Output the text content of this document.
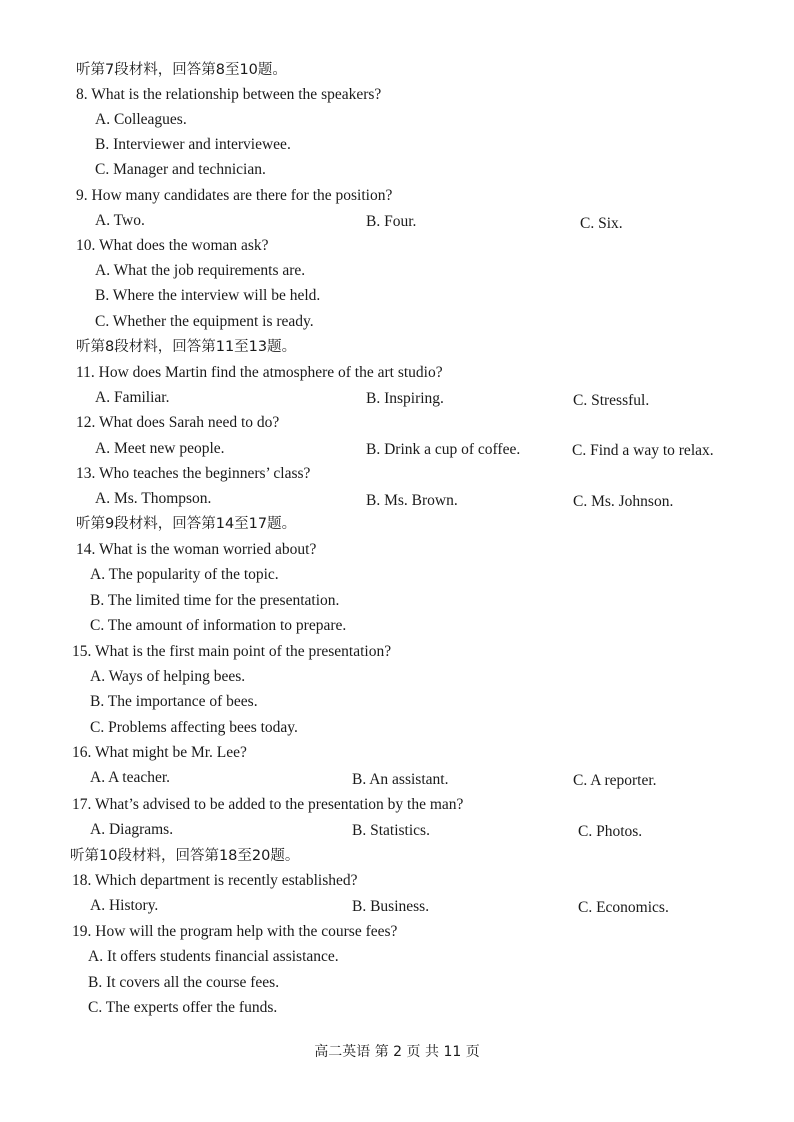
听第7段材料，回答第8至10题。
8. What is the relationship between the speakers?
A. Colleagues.
B. Interviewer and interviewee.
C. Manager and technician.
9. How many candidates are there for the position?
A. Two.	B. Four.	C. Six.
10. What does the woman ask?
A. What the job requirements are.
B. Where the interview will be held.
C. Whether the equipment is ready.
听第8段材料，回答第11至13题。
11. How does Martin find the atmosphere of the art studio?
A. Familiar.	B. Inspiring.	C. Stressful.
12. What does Sarah need to do?
A. Meet new people.	B. Drink a cup of coffee.	C. Find a way to relax.
13. Who teaches the beginners’ class?
A. Ms. Thompson.	B. Ms. Brown.	C. Ms. Johnson.
听第9段材料，回答第14至17题。
14. What is the woman worried about?
A. The popularity of the topic.
B. The limited time for the presentation.
C. The amount of information to prepare.
15. What is the first main point of the presentation?
A. Ways of helping bees.
B. The importance of bees.
C. Problems affecting bees today.
16. What might be Mr. Lee?
A. A teacher.	B. An assistant.	C. A reporter.
17. What’s advised to be added to the presentation by the man?
A. Diagrams.	B. Statistics.	C. Photos.
听第10段材料，回答第18至20题。
18. Which department is recently established?
A. History.	B. Business.	C. Economics.
19. How will the program help with the course fees?
A. It offers students financial assistance.
B. It covers all the course fees.
C. The experts offer the funds.
高二英语 第 2 页 共 11 页
